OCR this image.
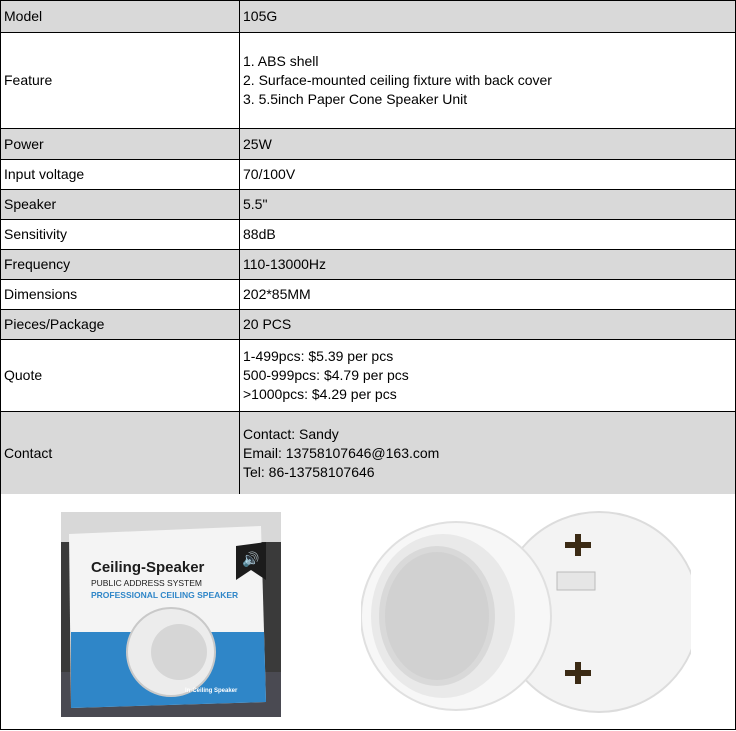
Model	105G

Feature	1. ABS shell
2. Surface-mounted ceiling fixture with back cover
3. 5.5inch Paper Cone Speaker Unit

Power	25W

Input voltage	70/100V

Speaker	5.5"

Sensitivity	88dB

Frequency	110-13000Hz

Dimensions	202*85MM

Pieces/Package	20 PCS

Quote	1-499pcs: $5.39 per pcs
500-999pcs: $4.79 per pcs
>1000pcs: $4.29 per pcs

Contact	Contact: Sandy
Email: 13758107646@163.com
Tel: 86-13758107646
🔊
Ceiling-Speaker
PUBLIC ADDRESS SYSTEM
PROFESSIONAL CEILING SPEAKER
In-Ceiling Speaker
